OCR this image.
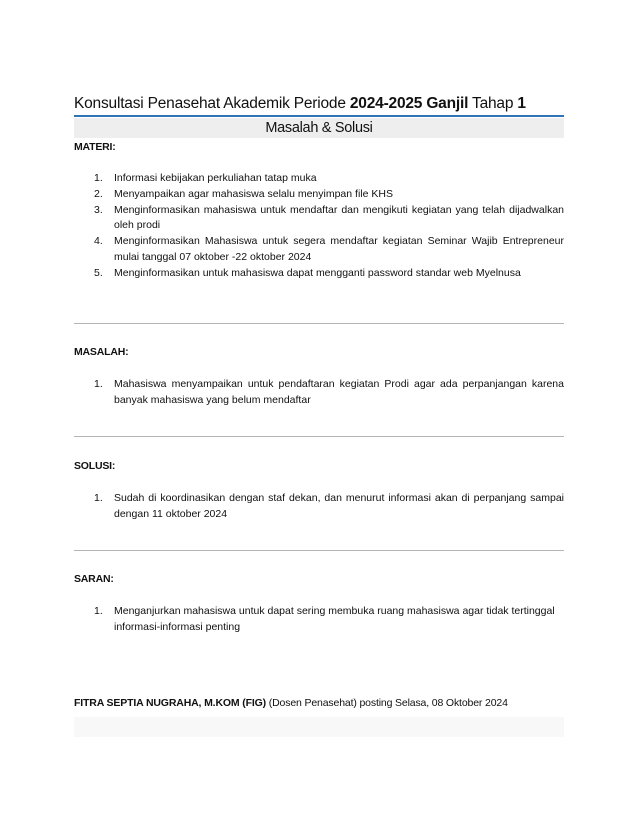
Konsultasi Penasehat Akademik Periode 2024-2025 Ganjil Tahap 1
Masalah & Solusi
MATERI:
1. Informasi kebijakan perkuliahan tatap muka
2. Menyampaikan agar mahasiswa selalu menyimpan file KHS
3. Menginformasikan mahasiswa untuk mendaftar dan mengikuti kegiatan yang telah dijadwalkan oleh prodi
4. Menginformasikan Mahasiswa untuk segera mendaftar kegiatan Seminar Wajib Entrepreneur mulai tanggal 07 oktober -22 oktober 2024
5. Menginformasikan untuk mahasiswa dapat mengganti password standar web Myelnusa
MASALAH:
1. Mahasiswa menyampaikan untuk pendaftaran kegiatan Prodi agar ada perpanjangan karena banyak mahasiswa yang belum mendaftar
SOLUSI:
1. Sudah di koordinasikan dengan staf dekan, dan menurut informasi akan di perpanjang sampai dengan 11 oktober 2024
SARAN:
1. Menganjurkan mahasiswa untuk dapat sering membuka ruang mahasiswa agar tidak tertinggal informasi-informasi penting
FITRA SEPTIA NUGRAHA, M.KOM (FIG) (Dosen Penasehat) posting Selasa, 08 Oktober 2024
